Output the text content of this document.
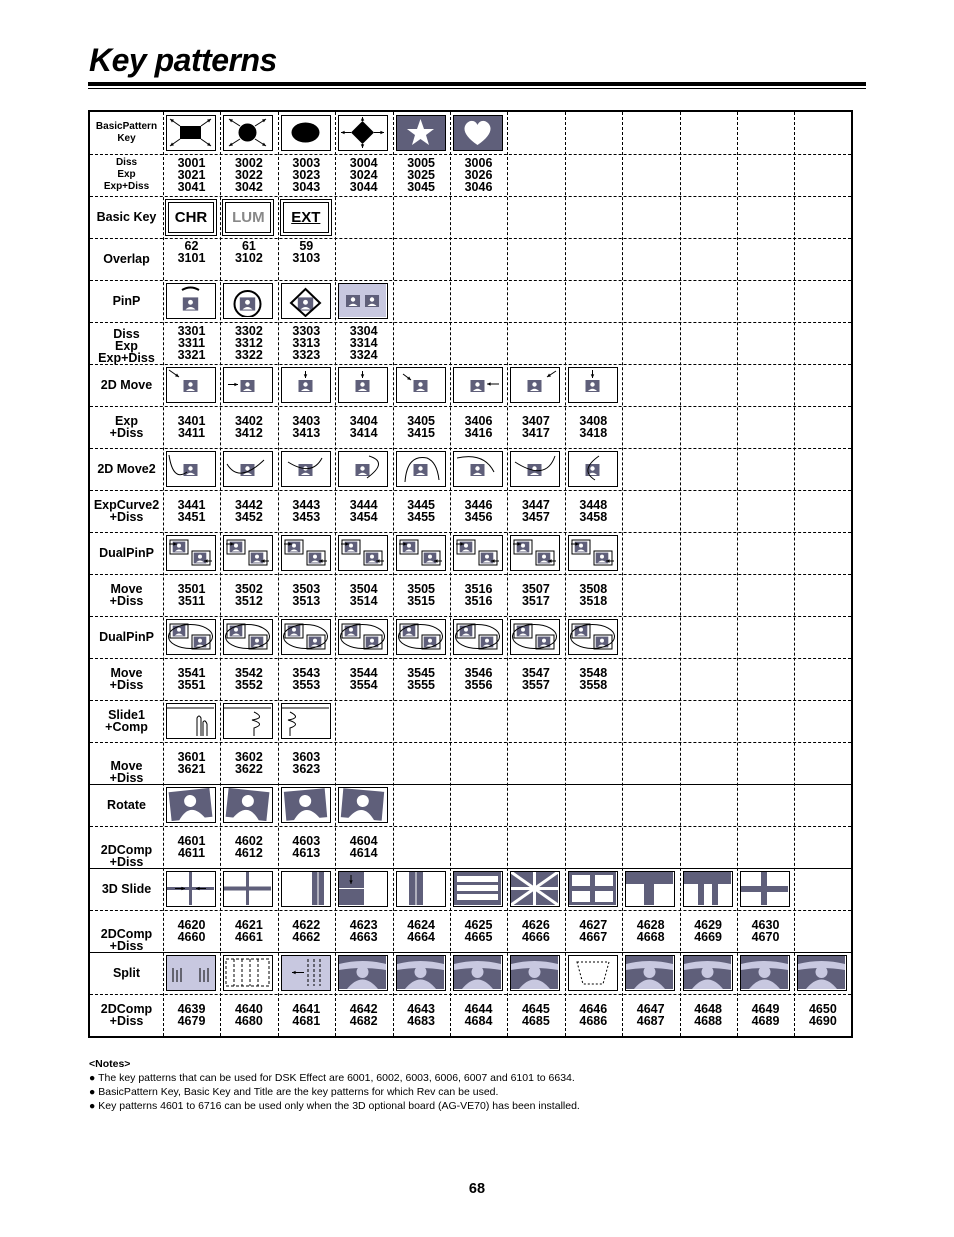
Key patterns
BasicPattern
Key
Diss
Exp
Exp+Diss
3001
3021
3041
3002
3022
3042
3003
3023
3043
3004
3024
3044
3005
3025
3045
3006
3026
3046
Basic Key
Overlap
62
3101
CHR
61
3102
LUM
59
3103
EXT
PinP
Diss
Exp
Exp+Diss
3301
3311
3321
3302
3312
3322
3303
3313
3323
3304
3314
3324
2D Move
Exp
+Diss
3401
3411
3402
3412
3403
3413
3404
3414
3405
3415
3406
3416
3407
3417
3408
3418
2D Move2
ExpCurve2
+Diss
3441
3451
3442
3452
3443
3453
3444
3454
3445
3455
3446
3456
3447
3457
3448
3458
DualPinP
Move
+Diss
3501
3511
3502
3512
3503
3513
3504
3514
3505
3515
3516
3516
3507
3517
3508
3518
DualPinP
Move
+Diss
3541
3551
3542
3552
3543
3553
3544
3554
3545
3555
3546
3556
3547
3557
3548
3558
Slide1
+Comp
Move
+Diss
3601
3621
3602
3622
3603
3623
Rotate
2DComp
+Diss
4601
4611
4602
4612
4603
4613
4604
4614
3D Slide
2DComp
+Diss
4620
4660
4621
4661
4622
4662
4623
4663
4624
4664
4625
4665
4626
4666
4627
4667
4628
4668
4629
4669
4630
4670
Split
2DComp
+Diss
4639
4679
4640
4680
4641
4681
4642
4682
4643
4683
4644
4684
4645
4685
4646
4686
4647
4687
4648
4688
4649
4689
4650
4690

<Notes>

● The key patterns that can be used for DSK Effect are 6001, 6002, 6003, 6006, 6007 and 6101 to 6634.

● BasicPattern Key, Basic Key and Title are the key patterns for which Rev can be used.

● Key patterns 4601 to 6716 can be used only when the 3D optional board (AG-VE70) has been installed.

68
